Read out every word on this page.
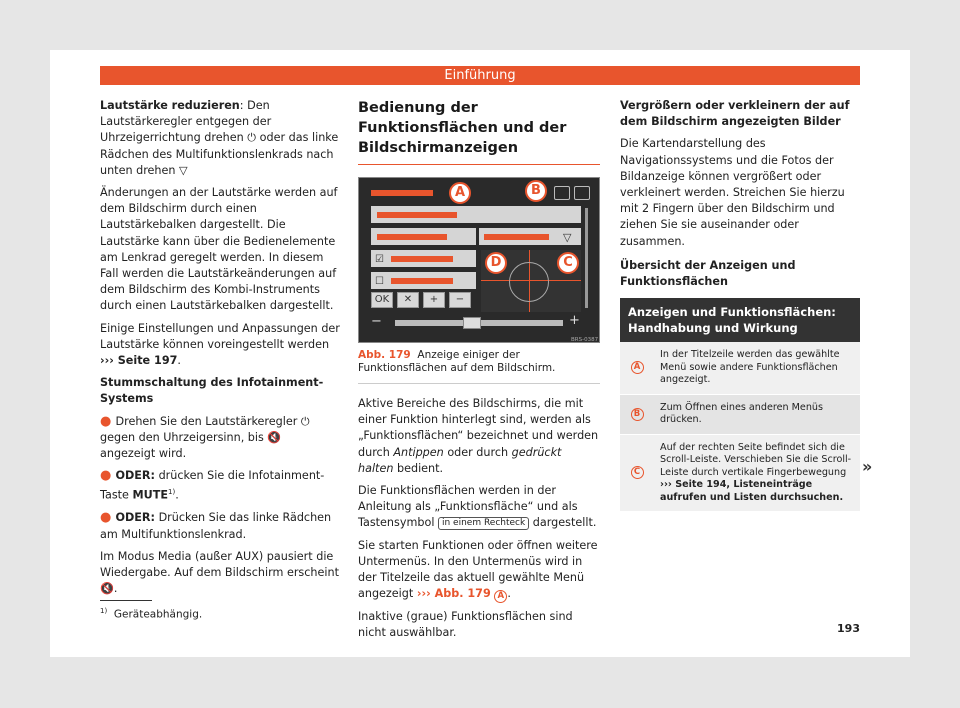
Einführung

Lautstärke reduzieren: Den Lautstärkeregler entgegen der Uhrzeigerrichtung drehen ⏻ oder das linke Rädchen des Multifunktionslenkrads nach unten drehen ▽

Änderungen an der Lautstärke werden auf dem Bildschirm durch einen Lautstärkebalken dargestellt. Die Lautstärke kann über die Bedienelemente am Lenkrad geregelt werden. In diesem Fall werden die Lautstärkeänderungen auf dem Bildschirm des Kombi-Instruments durch einen Lautstärkebalken dargestellt.

Einige Einstellungen und Anpassungen der Lautstärke können voreingestellt werden ››› Seite 197.

Stummschaltung des Infotainment-Systems

● Drehen Sie den Lautstärkeregler ⏻ gegen den Uhrzeigersinn, bis 🔇 angezeigt wird.

● ODER: drücken Sie die Infotainment-Taste MUTE$^{1)}$.

● ODER: Drücken Sie das linke Rädchen am Multifunktionslenkrad.

Im Modus Media (außer AUX) pausiert die Wiedergabe. Auf dem Bildschirm erscheint 🔇.

Bedienung der Funktionsflächen und der Bildschirmanzeigen
▽
☑
☐
OK	✕	+	−
−	+
BRS-0387
A	B
C
D
Abb. 179 Anzeige einiger der Funktionsflächen auf dem Bildschirm.

Aktive Bereiche des Bildschirms, die mit einer Funktion hinterlegt sind, werden als „Funktionsflächen“ bezeichnet und werden durch Antippen oder durch gedrückt halten bedient.

Die Funktionsflächen werden in der Anleitung als „Funktionsfläche“ und als Tastensymbol in einem Rechteck dargestellt.

Sie starten Funktionen oder öffnen weitere Untermenüs. In den Untermenüs wird in der Titelzeile das aktuell gewählte Menü angezeigt ››› Abb. 179 A .

Inaktive (graue) Funktionsflächen sind nicht auswählbar.

Vergrößern oder verkleinern der auf dem Bildschirm angezeigten Bilder

Die Kartendarstellung des Navigationssystems und die Fotos der Bildanzeige können vergrößert oder verkleinert werden. Streichen Sie hierzu mit 2 Fingern über den Bildschirm und ziehen Sie sie auseinander oder zusammen.

Übersicht der Anzeigen und Funktionsflächen

Anzeigen und Funktionsflächen: Handhabung und Wirkung
A
In der Titelzeile werden das gewählte Menü sowie andere Funktionsflächen angezeigt.
B
Zum Öffnen eines anderen Menüs drücken.
C
Auf der rechten Seite befindet sich die Scroll-Leiste. Verschieben Sie die Scroll-Leiste durch vertikale Fingerbewegung
››› Seite 194, Listeneinträge aufrufen und Listen durchsuchen.
»
$^{1)}$ Geräteabhängig.
193
